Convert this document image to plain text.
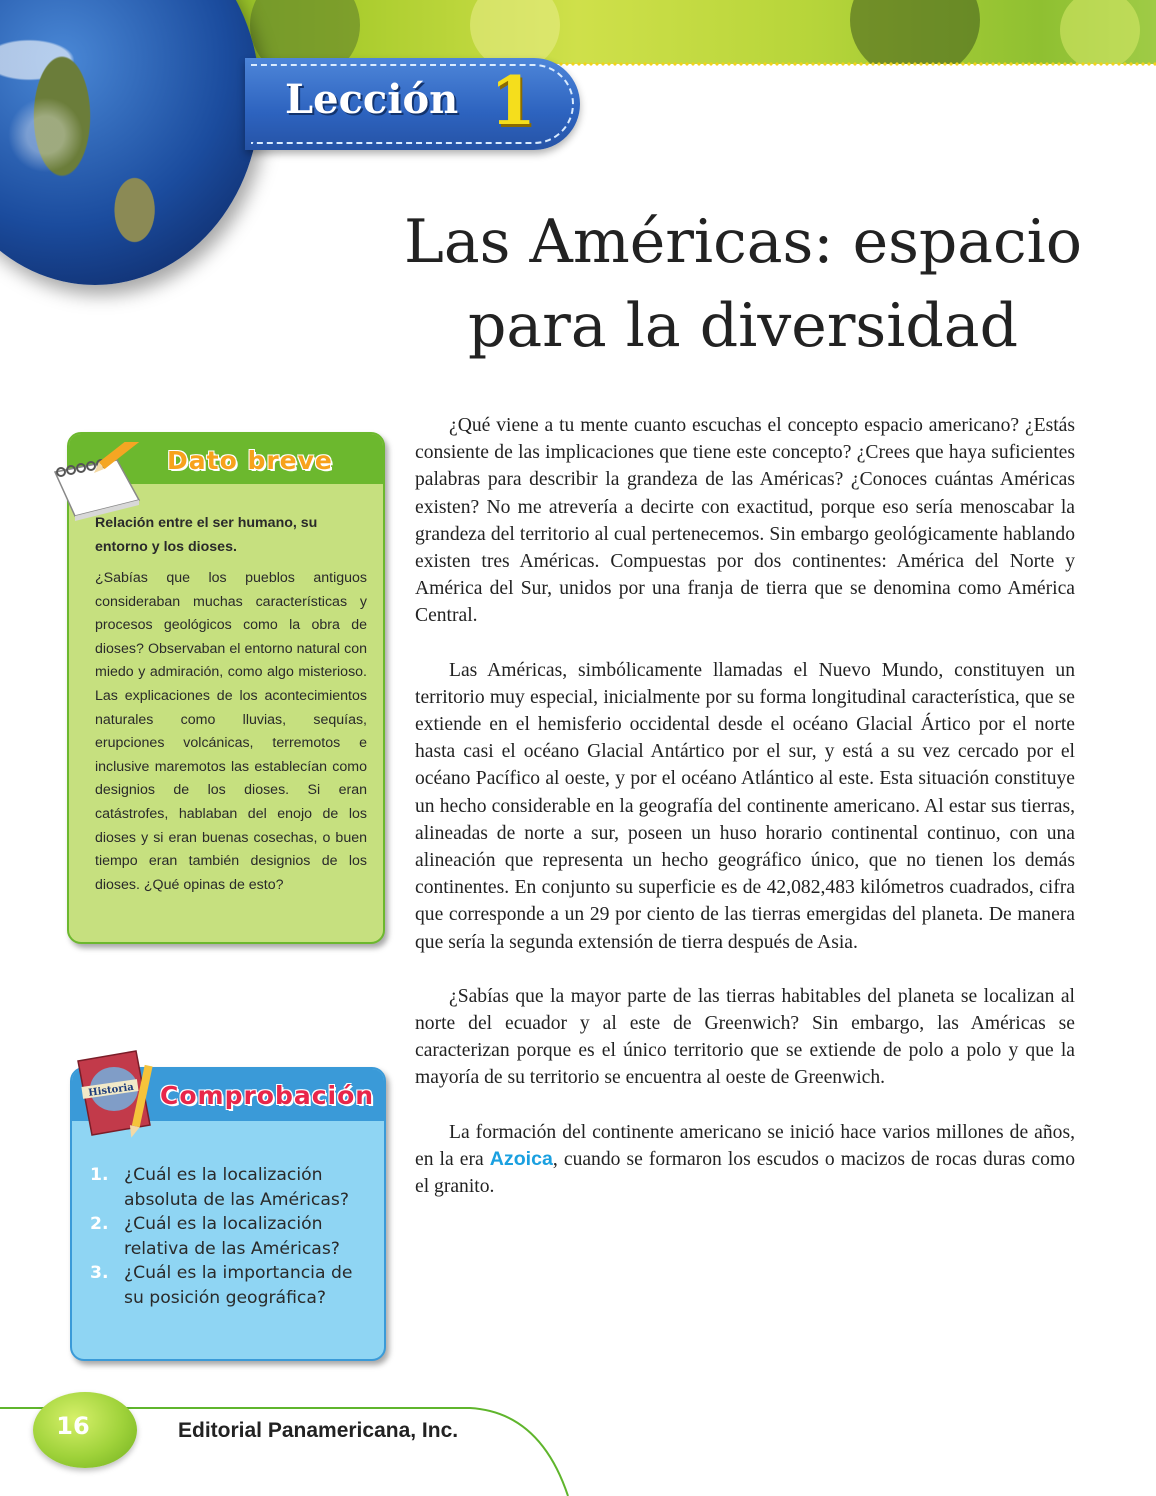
Lección 1
Las Américas: espacio
para la diversidad
Dato breve
Relación entre el ser humano, su entorno y los dioses.
¿Sabías que los pueblos antiguos consideraban muchas características y procesos geológicos como la obra de dioses? Observaban el entorno natural con miedo y admiración, como algo misterioso. Las explicaciones de los acontecimientos naturales como lluvias, sequías, erupciones volcánicas, terremotos e inclusive maremotos las establecían como designios de los dioses. Si eran catástrofes, hablaban del enojo de los dioses y si eran buenas cosechas, o buen tiempo eran también designios de los dioses. ¿Qué opinas de esto?
Historia Comprobación
1. ¿Cuál es la localización absoluta de las Américas?
2. ¿Cuál es la localización relativa de las Américas?
3. ¿Cuál es la importancia de su posición geográfica?

¿Qué viene a tu mente cuanto escuchas el concepto espacio americano? ¿Estás consiente de las implicaciones que tiene este concepto? ¿Crees que haya suficientes palabras para describir la grandeza de las Américas? ¿Conoces cuántas Américas existen? No me atrevería a decirte con exactitud, porque eso sería menoscabar la grandeza del territorio al cual pertenecemos. Sin embargo geológicamente hablando existen tres Américas. Compuestas por dos continentes: América del Norte y América del Sur, unidos por una franja de tierra que se denomina como América Central.

Las Américas, simbólicamente llamadas el Nuevo Mundo, constituyen un territorio muy especial, inicialmente por su forma longitudinal característica, que se extiende en el hemisferio occidental desde el océano Glacial Ártico por el norte hasta casi el océano Glacial Antártico por el sur, y está a su vez cercado por el océano Pacífico al oeste, y por el océano Atlántico al este. Esta situación constituye un hecho considerable en la geografía del continente americano. Al estar sus tierras, alineadas de norte a sur, poseen un huso horario continental continuo, con una alineación que representa un hecho geográfico único, que no tienen los demás continentes. En conjunto su superficie es de 42,082,483 kilómetros cuadrados, cifra que corresponde a un 29 por ciento de las tierras emergidas del planeta. De manera que sería la segunda extensión de tierra después de Asia.

¿Sabías que la mayor parte de las tierras habitables del planeta se localizan al norte del ecuador y al este de Greenwich? Sin embargo, las Américas se caracterizan porque es el único territorio que se extiende de polo a polo y que la mayoría de su territorio se encuentra al oeste de Greenwich.

La formación del continente americano se inició hace varios millones de años, en la era Azoica, cuando se formaron los escudos o macizos de rocas duras como el granito.

16	Editorial Panamericana, Inc.
